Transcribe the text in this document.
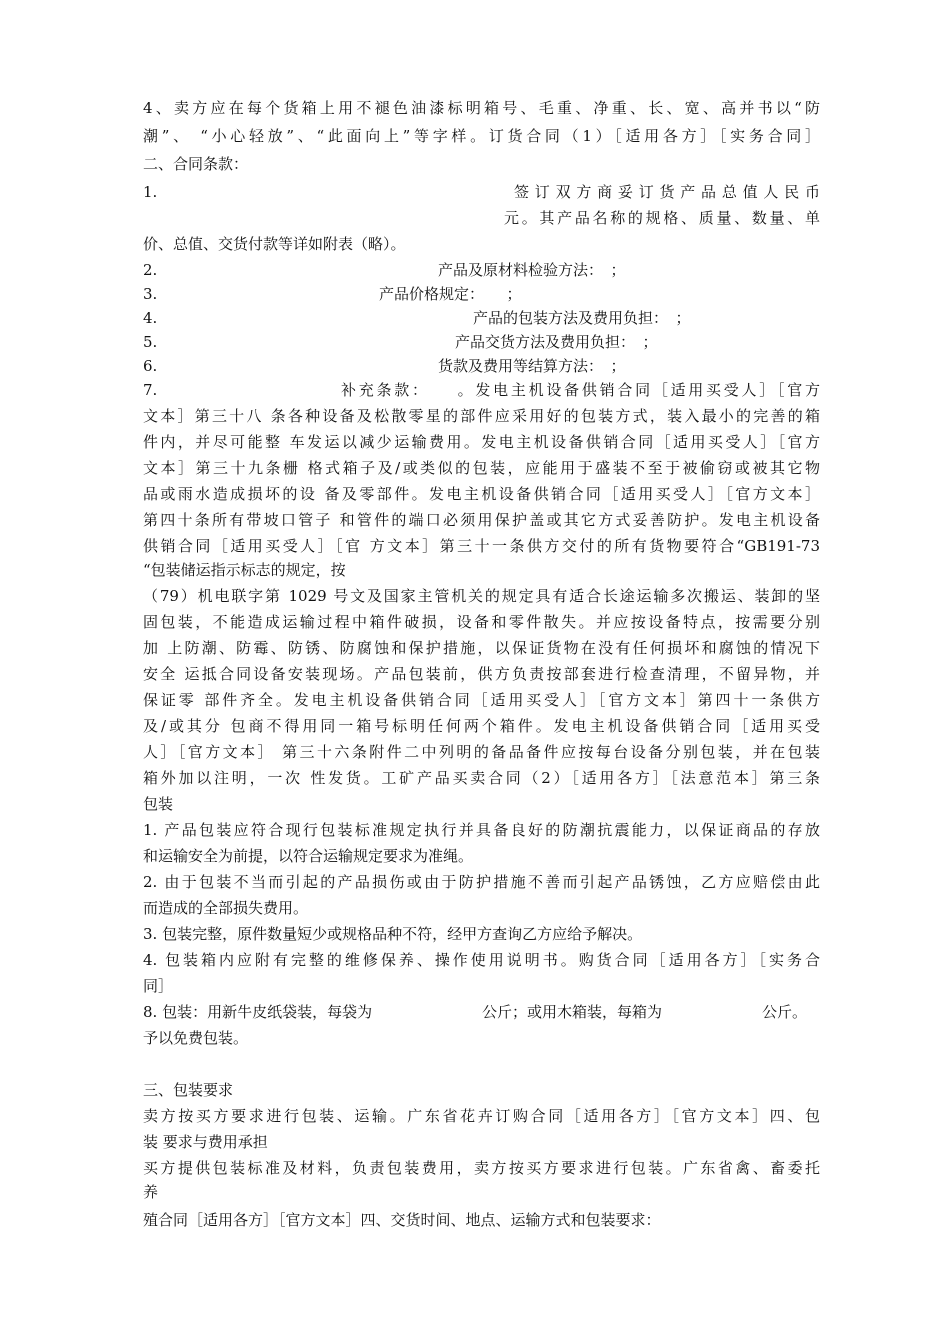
4、卖方应在每个货箱上用不褪色油漆标明箱号、毛重、净重、长、宽、高并书以“防

潮”、 “小心轻放”、“此面向上”等字样。订货合同（1）［适用各方］［实务合同］

二、合同条款：

1.	签订双方商妥订货产品总值人民币

元。其产品名称的规格、质量、数量、单

价、总值、交货付款等详如附表（略）。

2.	产品及原材料检验方法：　；
3.	产品价格规定：　　；
4.	产品的包装方法及费用负担：　；
5.	产品交货方法及费用负担：　；
6.	货款及费用等结算方法：　；
7.	补充条款：　　。发电主机设备供销合同［适用买受人］［官方

文本］第三十八 条各种设备及松散零星的部件应采用好的包装方式，装入最小的完善的箱

件内，并尽可能整 车发运以减少运输费用。发电主机设备供销合同［适用买受人］［官方

文本］第三十九条栅 格式箱子及/或类似的包装，应能用于盛装不至于被偷窃或被其它物

品或雨水造成损坏的设 备及零部件。发电主机设备供销合同［适用买受人］［官方文本］

第四十条所有带坡口管子 和管件的端口必须用保护盖或其它方式妥善防护。发电主机设备

供销合同［适用买受人］［官 方文本］第三十一条供方交付的所有货物要符合“GB191-73

“包装储运指示标志的规定，按

（79）机电联字第 1029 号文及国家主管机关的规定具有适合长途运输多次搬运、装卸的坚

固包装，不能造成运输过程中箱件破损，设备和零件散失。并应按设备特点，按需要分别

加 上防潮、防霉、防锈、防腐蚀和保护措施，以保证货物在没有任何损坏和腐蚀的情况下

安全 运抵合同设备安装现场。产品包装前，供方负责按部套进行检查清理，不留异物，并

保证零 部件齐全。发电主机设备供销合同［适用买受人］［官方文本］第四十一条供方

及/或其分 包商不得用同一箱号标明任何两个箱件。发电主机设备供销合同［适用买受

人］［官方文本］ 第三十六条附件二中列明的备品备件应按每台设备分别包装，并在包装

箱外加以注明，一次 性发货。工矿产品买卖合同（2）［适用各方］［法意范本］第三条

包装

1. 产品包装应符合现行包装标准规定执行并具备良好的防潮抗震能力，以保证商品的存放

和运输安全为前提，以符合运输规定要求为准绳。

2. 由于包装不当而引起的产品损伤或由于防护措施不善而引起产品锈蚀，乙方应赔偿由此

而造成的全部损失费用。

3. 包装完整，原件数量短少或规格品种不符，经甲方查询乙方应给予解决。

4. 包装箱内应附有完整的维修保养、操作使用说明书。购货合同［适用各方］［实务合

同］

8. 包装：用新牛皮纸袋装，每袋为	公斤；或用木箱装，每箱为	公斤。

予以免费包装。

三、包装要求

卖方按买方要求进行包装、运输。广东省花卉订购合同［适用各方］［官方文本］四、包

装 要求与费用承担

买方提供包装标准及材料，负责包装费用，卖方按买方要求进行包装。广东省禽、畜委托

养

殖合同［适用各方］［官方文本］四、交货时间、地点、运输方式和包装要求：
